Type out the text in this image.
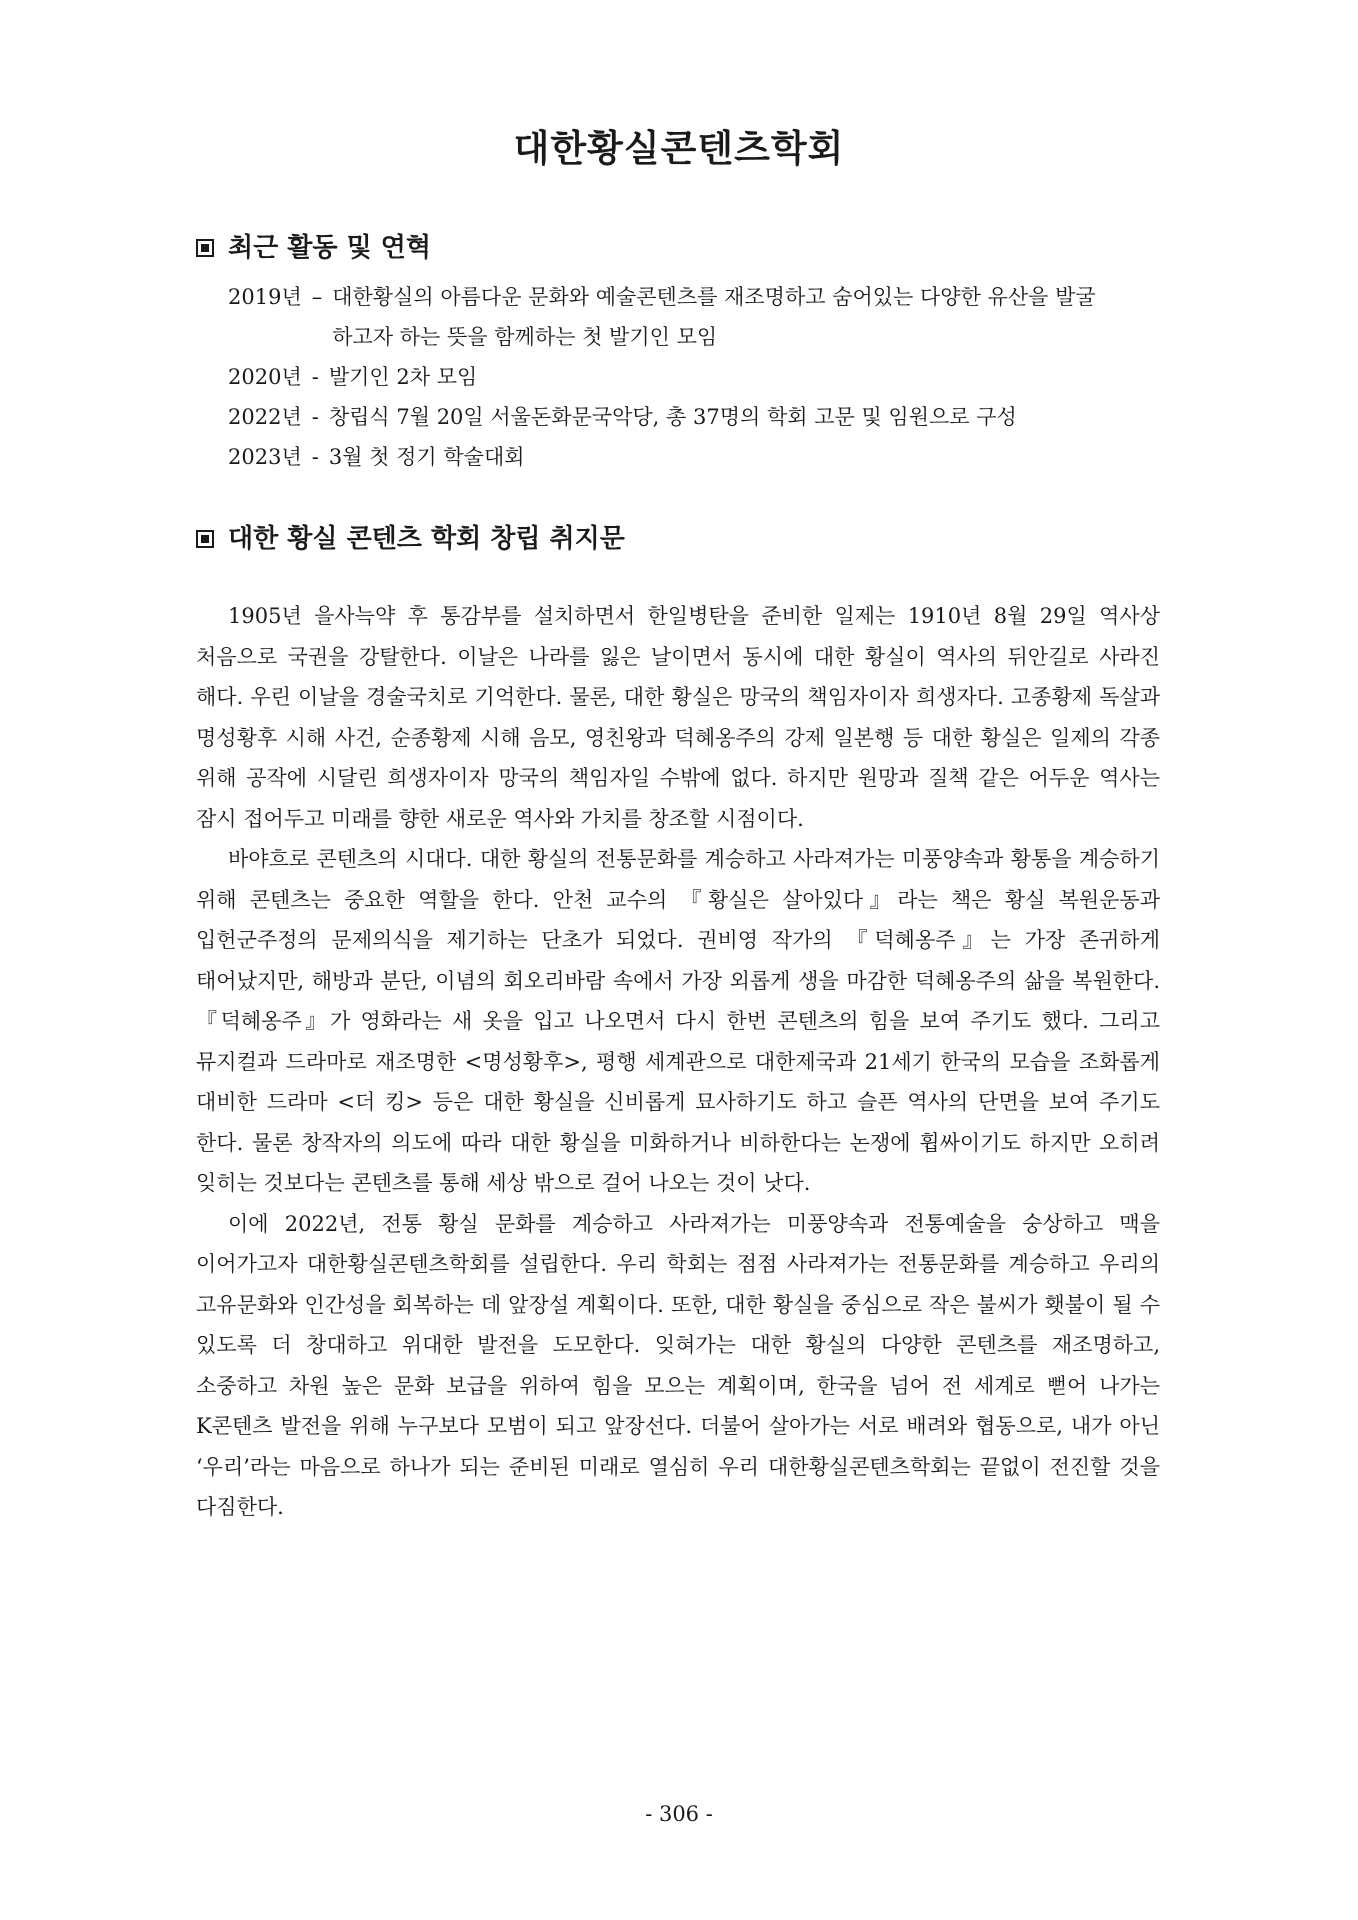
대한황실콘텐츠학회
최근 활동 및 연혁
2019년 – 대한황실의 아름다운 문화와 예술콘텐츠를 재조명하고 숨어있는 다양한 유산을 발굴하고자 하는 뜻을 함께하는 첫 발기인 모임
2020년 - 발기인 2차 모임
2022년 - 창립식 7월 20일 서울돈화문국악당, 총 37명의 학회 고문 및 임원으로 구성
2023년 - 3월 첫 정기 학술대회
대한 황실 콘텐츠 학회 창립 취지문

1905년 을사늑약 후 통감부를 설치하면서 한일병탄을 준비한 일제는 1910년 8월 29일 역사상 처음으로 국권을 강탈한다. 이날은 나라를 잃은 날이면서 동시에 대한 황실이 역사의 뒤안길로 사라진 해다. 우린 이날을 경술국치로 기억한다. 물론, 대한 황실은 망국의 책임자이자 희생자다. 고종황제 독살과 명성황후 시해 사건, 순종황제 시해 음모, 영친왕과 덕혜옹주의 강제 일본행 등 대한 황실은 일제의 각종 위해 공작에 시달린 희생자이자 망국의 책임자일 수밖에 없다. 하지만 원망과 질책 같은 어두운 역사는 잠시 접어두고 미래를 향한 새로운 역사와 가치를 창조할 시점이다.

바야흐로 콘텐츠의 시대다. 대한 황실의 전통문화를 계승하고 사라져가는 미풍양속과 황통을 계승하기 위해 콘텐츠는 중요한 역할을 한다. 안천 교수의 『황실은 살아있다』라는 책은 황실 복원운동과 입헌군주정의 문제의식을 제기하는 단초가 되었다. 권비영 작가의 『덕혜옹주』는 가장 존귀하게 태어났지만, 해방과 분단, 이념의 회오리바람 속에서 가장 외롭게 생을 마감한 덕혜옹주의 삶을 복원한다. 『덕혜옹주』가 영화라는 새 옷을 입고 나오면서 다시 한번 콘텐츠의 힘을 보여 주기도 했다. 그리고 뮤지컬과 드라마로 재조명한 <명성황후>, 평행 세계관으로 대한제국과 21세기 한국의 모습을 조화롭게 대비한 드라마 <더 킹> 등은 대한 황실을 신비롭게 묘사하기도 하고 슬픈 역사의 단면을 보여 주기도 한다. 물론 창작자의 의도에 따라 대한 황실을 미화하거나 비하한다는 논쟁에 휩싸이기도 하지만 오히려 잊히는 것보다는 콘텐츠를 통해 세상 밖으로 걸어 나오는 것이 낫다.

이에 2022년, 전통 황실 문화를 계승하고 사라져가는 미풍양속과 전통예술을 숭상하고 맥을 이어가고자 대한황실콘텐츠학회를 설립한다. 우리 학회는 점점 사라져가는 전통문화를 계승하고 우리의 고유문화와 인간성을 회복하는 데 앞장설 계획이다. 또한, 대한 황실을 중심으로 작은 불씨가 횃불이 될 수 있도록 더 창대하고 위대한 발전을 도모한다. 잊혀가는 대한 황실의 다양한 콘텐츠를 재조명하고, 소중하고 차원 높은 문화 보급을 위하여 힘을 모으는 계획이며, 한국을 넘어 전 세계로 뻗어 나가는 K콘텐츠 발전을 위해 누구보다 모범이 되고 앞장선다. 더불어 살아가는 서로 배려와 협동으로, 내가 아닌 ‘우리’라는 마음으로 하나가 되는 준비된 미래로 열심히 우리 대한황실콘텐츠학회는 끝없이 전진할 것을 다짐한다.

- 306 -
